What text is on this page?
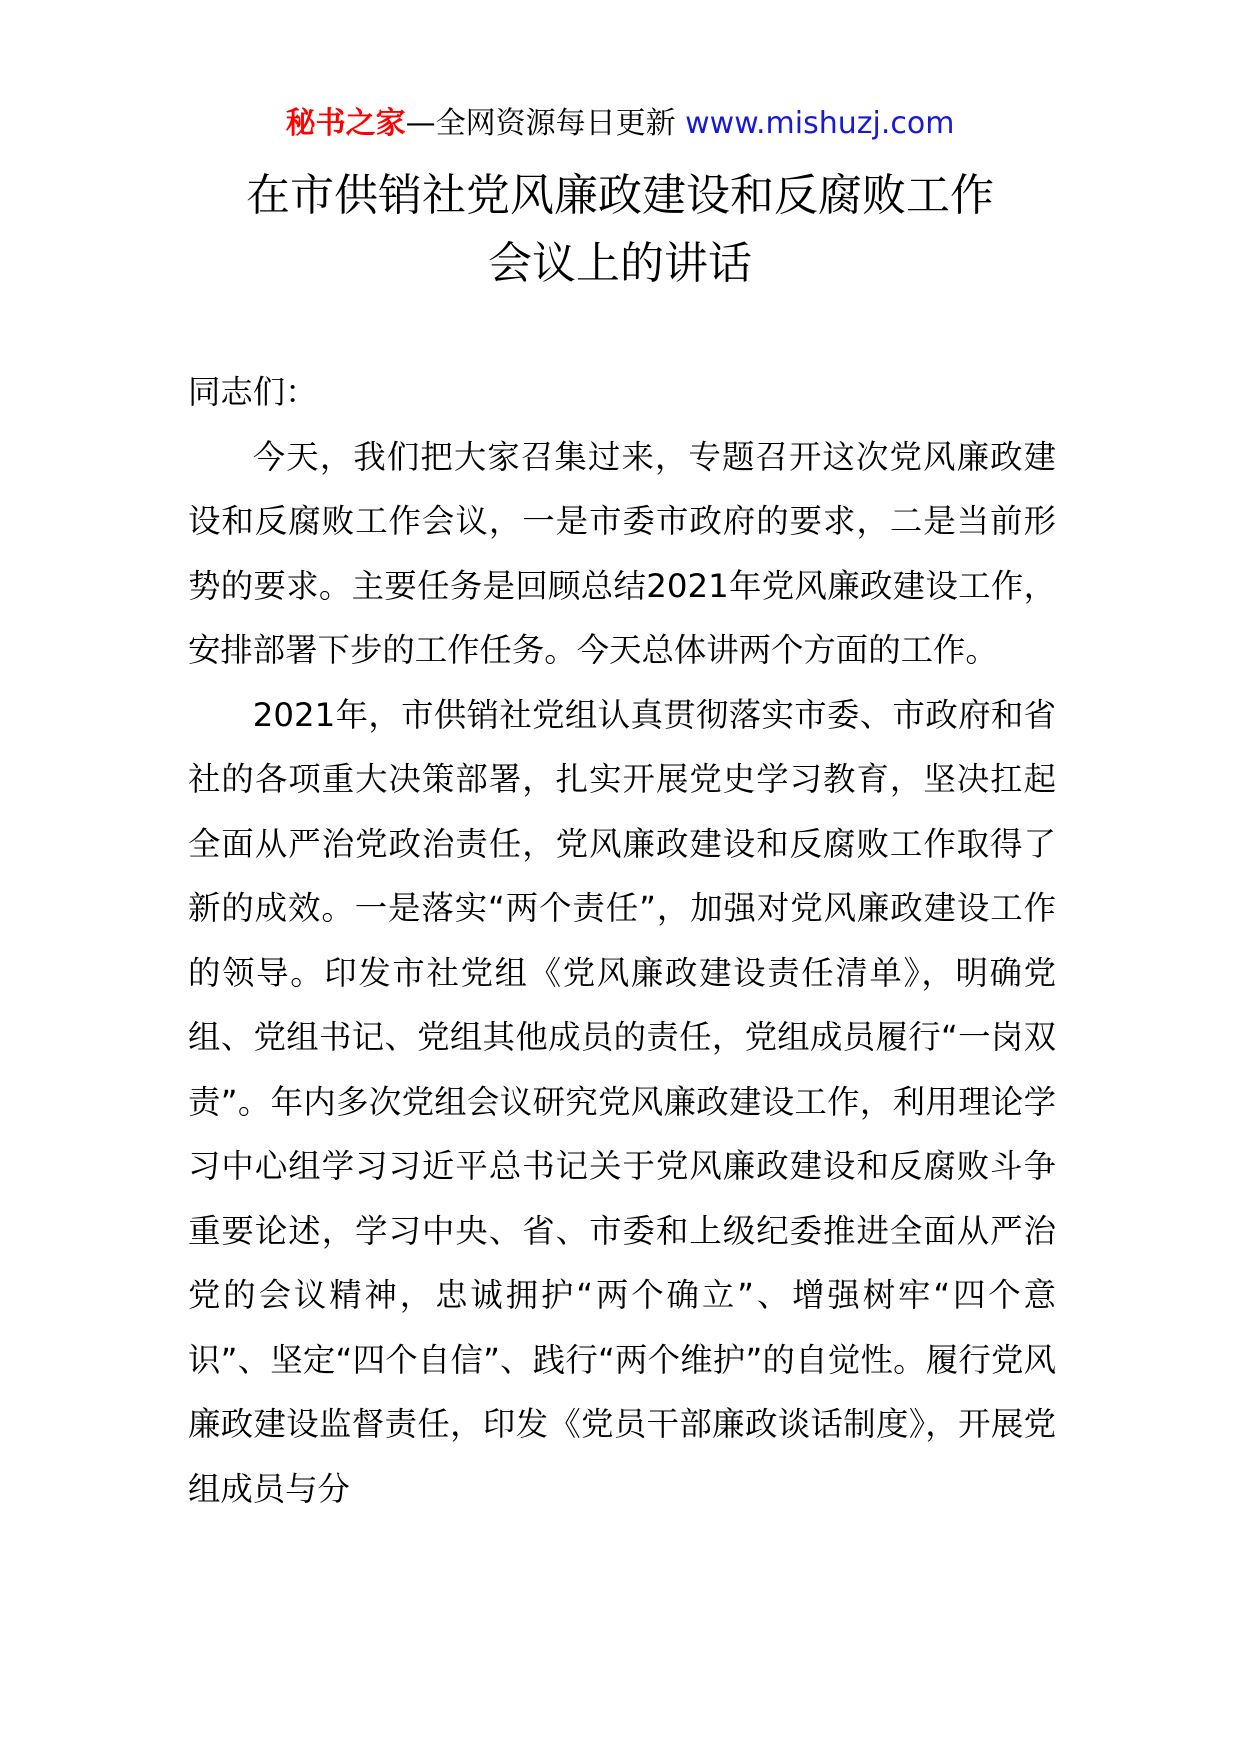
秘书之家—全网资源每日更新 www.mishuzj.com
在市供销社党风廉政建设和反腐败工作
会议上的讲话

同志们：

今天，我们把大家召集过来，专题召开这次党风廉政建设和反腐败工作会议，一是市委市政府的要求，二是当前形势的要求。主要任务是回顾总结2021年党风廉政建设工作，安排部署下步的工作任务。今天总体讲两个方面的工作。

2021年，市供销社党组认真贯彻落实市委、市政府和省社的各项重大决策部署，扎实开展党史学习教育，坚决扛起全面从严治党政治责任，党风廉政建设和反腐败工作取得了新的成效。一是落实“两个责任”，加强对党风廉政建设工作的领导。印发市社党组《党风廉政建设责任清单》，明确党组、党组书记、党组其他成员的责任，党组成员履行“一岗双责”。年内多次党组会议研究党风廉政建设工作，利用理论学习中心组学习习近平总书记关于党风廉政建设和反腐败斗争重要论述，学习中央、省、市委和上级纪委推进全面从严治党的会议精神，忠诚拥护“两个确立”、增强树牢“四个意识”、坚定“四个自信”、践行“两个维护”的自觉性。履行党风廉政建设监督责任，印发《党员干部廉政谈话制度》，开展党组成员与分
